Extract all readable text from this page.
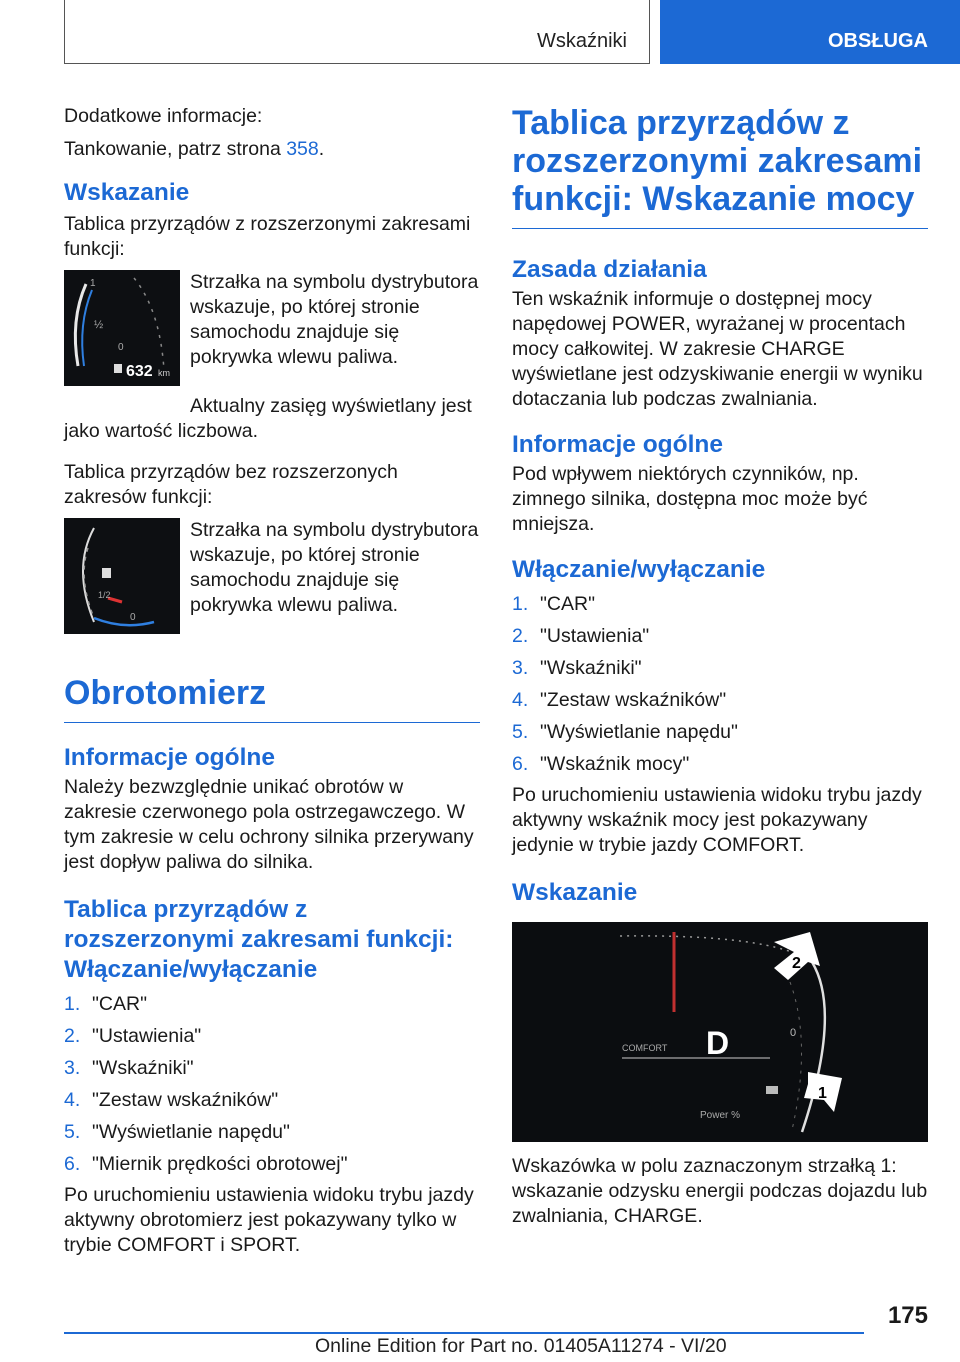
Wskaźniki	OBSŁUGA

Dodatkowe informacje:

Tankowanie, patrz strona 358.

Wskazanie

Tablica przyrządów z rozszerzonymi zakresami funkcji:

1
½
0
632 km

Strzałka na symbolu dystrybutora wskazuje, po której stronie samochodu znajduje się pokrywka wlewu paliwa.

Aktualny zasięg wyświetlany jest

jako wartość liczbowa.

Tablica przyrządów bez rozszerzonych zakresów funkcji:

1/2
0

Strzałka na symbolu dystrybutora wskazuje, po której stronie samochodu znajduje się pokrywka wlewu paliwa.

Obrotomierz
Informacje ogólne

Należy bezwzględnie unikać obrotów w zakresie czerwonego pola ostrzegawczego. W tym zakresie w celu ochrony silnika przerywany jest dopływ paliwa do silnika.

Tablica przyrządów z rozszerzonymi zakresami funkcji: Włączanie/wyłączanie
1. "CAR"
2. "Ustawienia"
3. "Wskaźniki"
4. "Zestaw wskaźników"
5. "Wyświetlanie napędu"
6. "Miernik prędkości obrotowej"

Po uruchomieniu ustawienia widoku trybu jazdy aktywny obrotomierz jest pokazywany tylko w trybie COMFORT i SPORT.

Tablica przyrządów z rozszerzonymi zakresami funkcji: Wskazanie mocy
Zasada działania

Ten wskaźnik informuje o dostępnej mocy napędowej POWER, wyrażanej w procentach mocy całkowitej. W zakresie CHARGE wyświetlane jest odzyskiwanie energii w wyniku dotaczania lub podczas zwalniania.

Informacje ogólne

Pod wpływem niektórych czynników, np. zimnego silnika, dostępna moc może być mniejsza.

Włączanie/wyłączanie
1. "CAR"
2. "Ustawienia"
3. "Wskaźniki"
4. "Zestaw wskaźników"
5. "Wyświetlanie napędu"
6. "Wskaźnik mocy"

Po uruchomieniu ustawienia widoku trybu jazdy aktywny wskaźnik mocy jest pokazywany jedynie w trybie jazdy COMFORT.

Wskazanie
COMFORT D	0
Power %
2
1

Wskazówka w polu zaznaczonym strzałką 1: wskazanie odzysku energii podczas dojazdu lub zwalniania, CHARGE.

175
Online Edition for Part no. 01405A11274 - VI/20
